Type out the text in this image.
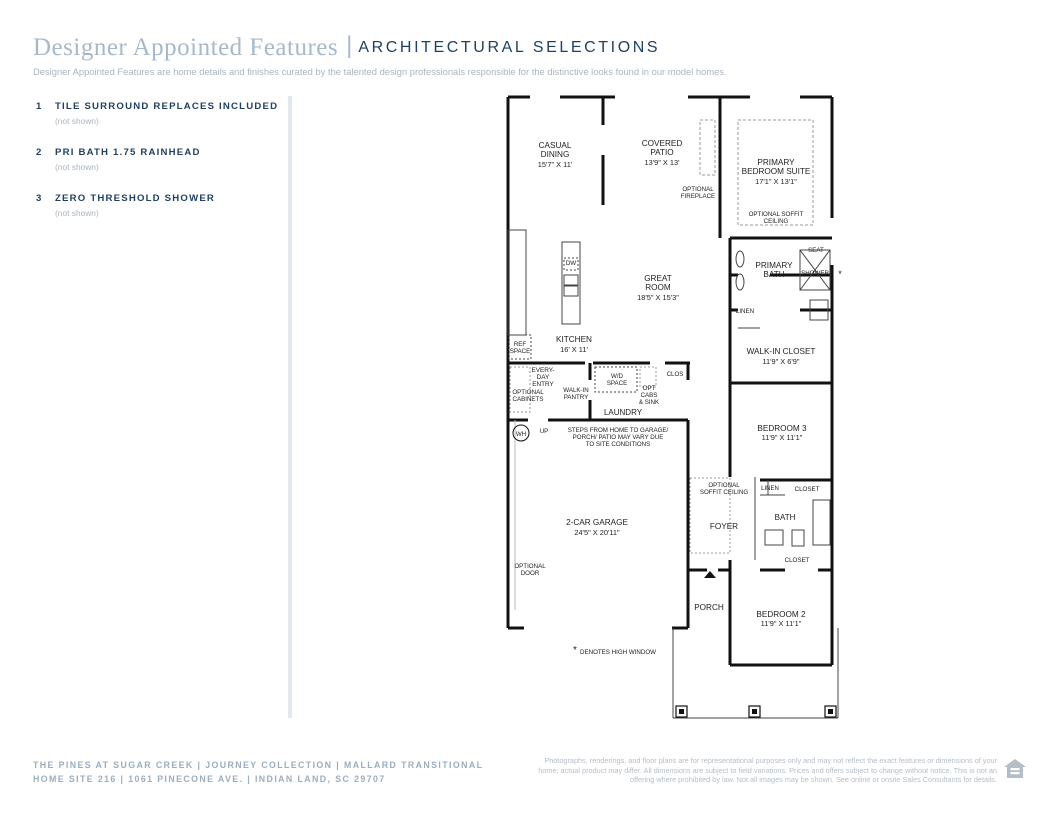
Designer Appointed Features | ARCHITECTURAL SELECTIONS
Designer Appointed Features are home details and finishes curated by the talented design professionals responsible for the distinctive looks found in our model homes.
1 TILE SURROUND REPLACES INCLUDED
(not shown)
2 PRI BATH 1.75 RAINHEAD
(not shown)
3 ZERO THRESHOLD SHOWER
(not shown)
CASUAL
DINING
15'7" X 11'
COVERED
PATIO
13'9" X 13'
OPTIONAL
FIREPLACE
PRIMARY
BEDROOM SUITE
17'1" X 13'1"
OPTIONAL SOFFIT
CEILING
GREAT
ROOM
18'5" X 15'3"
DW	PRIMARY
BATH
SEAT
SHOWER *
LINEN
REF
SPACE
KITCHEN
16' X 11'	WALK-IN CLOSET
11'9" X 6'9"
EVERY-
DAY
ENTRY
W/D
SPACE
CLOS
OPT
CABS
& SINK
OPTIONAL
CABINETS
WALK-IN
PANTRY
LAUNDRY
WH UP	STEPS FROM HOME TO GARAGE/
PORCH/ PATIO MAY VARY DUE
TO SITE CONDITIONS
BEDROOM 3
11'9" X 11'1"
OPTIONAL
SOFFIT CEILING LINEN	CLOSET
2-CAR GARAGE
24'5" X 20'11"
FOYER
BATH
CLOSET
OPTIONAL
DOOR
PORCH
BEDROOM 2
11'9" X 11'1"
* DENOTES HIGH WINDOW
THE PINES AT SUGAR CREEK | JOURNEY COLLECTION | MALLARD TRANSITIONAL
HOME SITE 216 | 1061 PINECONE AVE. | INDIAN LAND, SC 29707
Photographs, renderings, and floor plans are for representational purposes only and may not reflect the exact features or dimensions of your home; actual product may differ. All dimensions are subject to field variations. Prices and offers subject to change without notice. This is not an offering where prohibited by law. Not all images may be shown. See online or onsite Sales Consultants for details.
